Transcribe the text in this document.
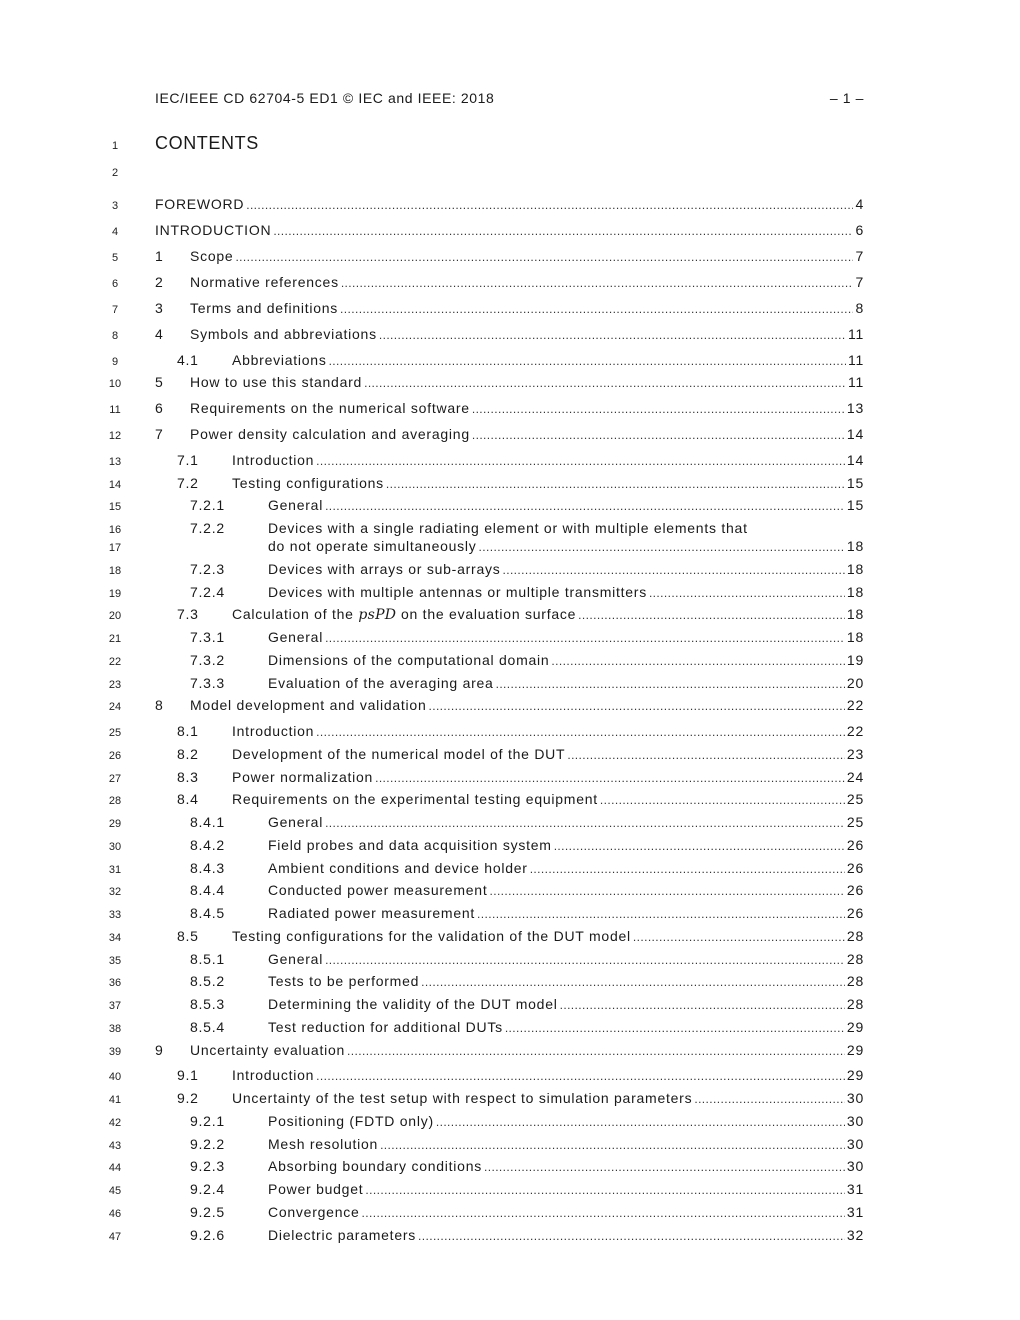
IEC/IEEE CD 62704-5 ED1 © IEC and IEEE: 2018	– 1 –
1
2
3
4
5
6
7
8
9
10
11
12
13
14
15
16
17
18
19
20
21
22
23
24
25
26
27
28
29
30
31
32
33
34
35
36
37
38
39
40
41
42
43
44
45
46
47
CONTENTS
FOREWORD .....	4
INTRODUCTION .....	6
1	Scope .....	7
2	Normative references .....	7
3	Terms and definitions .....	8
4	Symbols and abbreviations .....	11
4.1	Abbreviations .....	11
5	How to use this standard .....	11
6	Requirements on the numerical software .....	13
7	Power density calculation and averaging .....	14
7.1	Introduction .....	14
7.2	Testing configurations .....	15
7.2.1	General .....	15
7.2.2	Devices with a single radiating element or with multiple elements that
do not operate simultaneously .....	18
7.2.3	Devices with arrays or sub-arrays .....	18
7.2.4	Devices with multiple antennas or multiple transmitters .....	18
7.3	Calculation of the psPD on the evaluation surface .....	18
7.3.1	General .....	18
7.3.2	Dimensions of the computational domain .....	19
7.3.3	Evaluation of the averaging area .....	20
8	Model development and validation .....	22
8.1	Introduction .....	22
8.2	Development of the numerical model of the DUT .....	23
8.3	Power normalization .....	24
8.4	Requirements on the experimental testing equipment .....	25
8.4.1	General .....	25
8.4.2	Field probes and data acquisition system .....	26
8.4.3	Ambient conditions and device holder .....	26
8.4.4	Conducted power measurement .....	26
8.4.5	Radiated power measurement .....	26
8.5	Testing configurations for the validation of the DUT model .....	28
8.5.1	General .....	28
8.5.2	Tests to be performed .....	28
8.5.3	Determining the validity of the DUT model .....	28
8.5.4	Test reduction for additional DUTs .....	29
9	Uncertainty evaluation .....	29
9.1	Introduction .....	29
9.2	Uncertainty of the test setup with respect to simulation parameters .....	30
9.2.1	Positioning (FDTD only) .....	30
9.2.2	Mesh resolution .....	30
9.2.3	Absorbing boundary conditions .....	30
9.2.4	Power budget .....	31
9.2.5	Convergence .....	31
9.2.6	Dielectric parameters .....	32
